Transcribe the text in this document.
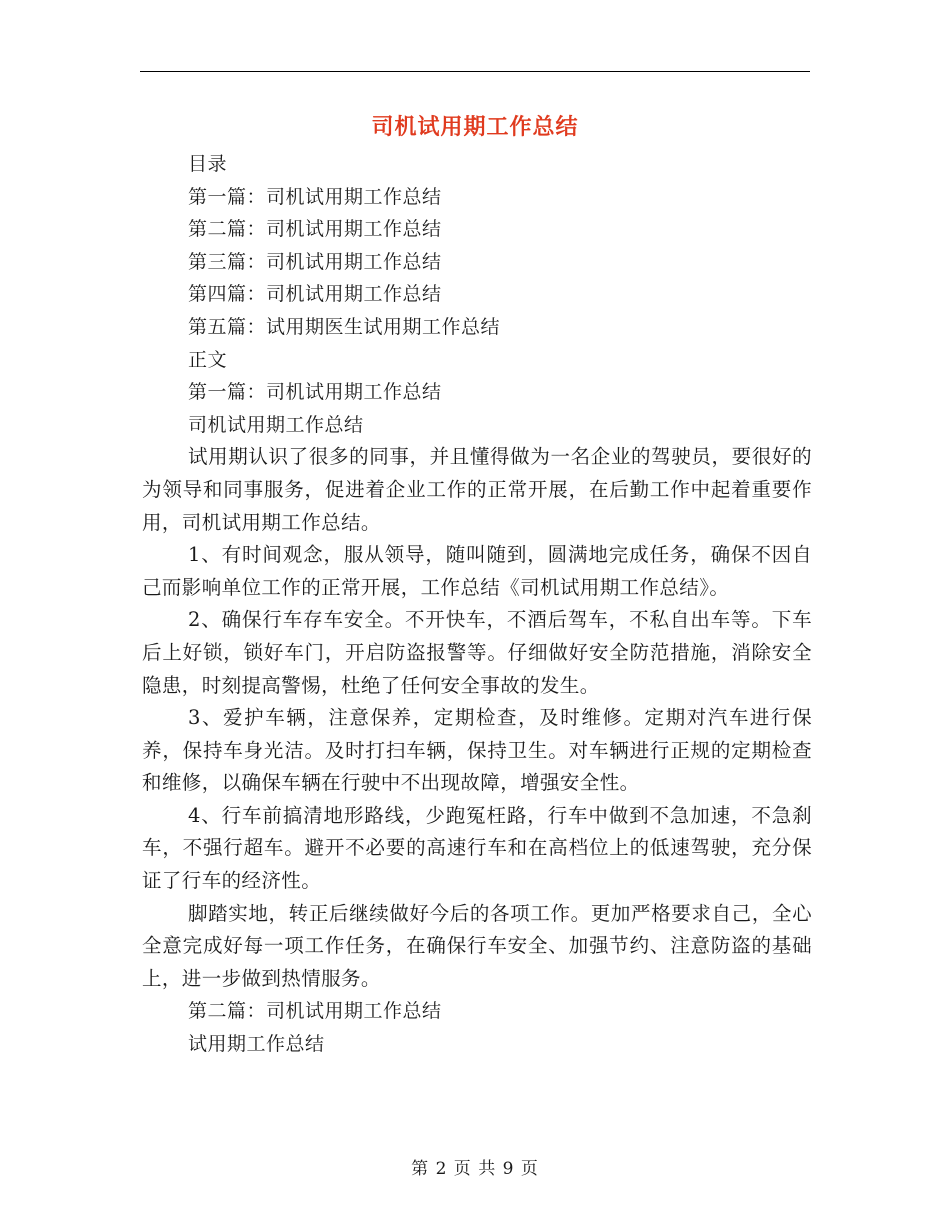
司机试用期工作总结
目录
第一篇：司机试用期工作总结
第二篇：司机试用期工作总结
第三篇：司机试用期工作总结
第四篇：司机试用期工作总结
第五篇：试用期医生试用期工作总结
正文
第一篇：司机试用期工作总结
司机试用期工作总结
试用期认识了很多的同事，并且懂得做为一名企业的驾驶员，要很好的为领导和同事服务，促进着企业工作的正常开展，在后勤工作中起着重要作用，司机试用期工作总结。
1、有时间观念，服从领导，随叫随到，圆满地完成任务，确保不因自己而影响单位工作的正常开展，工作总结《司机试用期工作总结》。
2、确保行车存车安全。不开快车，不酒后驾车，不私自出车等。下车后上好锁，锁好车门，开启防盗报警等。仔细做好安全防范措施，消除安全隐患，时刻提高警惕，杜绝了任何安全事故的发生。
3、爱护车辆，注意保养，定期检查，及时维修。定期对汽车进行保养，保持车身光洁。及时打扫车辆，保持卫生。对车辆进行正规的定期检查和维修，以确保车辆在行驶中不出现故障，增强安全性。
4、行车前搞清地形路线，少跑冤枉路，行车中做到不急加速，不急刹车，不强行超车。避开不必要的高速行车和在高档位上的低速驾驶，充分保证了行车的经济性。
脚踏实地，转正后继续做好今后的各项工作。更加严格要求自己，全心全意完成好每一项工作任务，在确保行车安全、加强节约、注意防盗的基础上，进一步做到热情服务。
第二篇：司机试用期工作总结
试用期工作总结
第 2 页 共 9 页
